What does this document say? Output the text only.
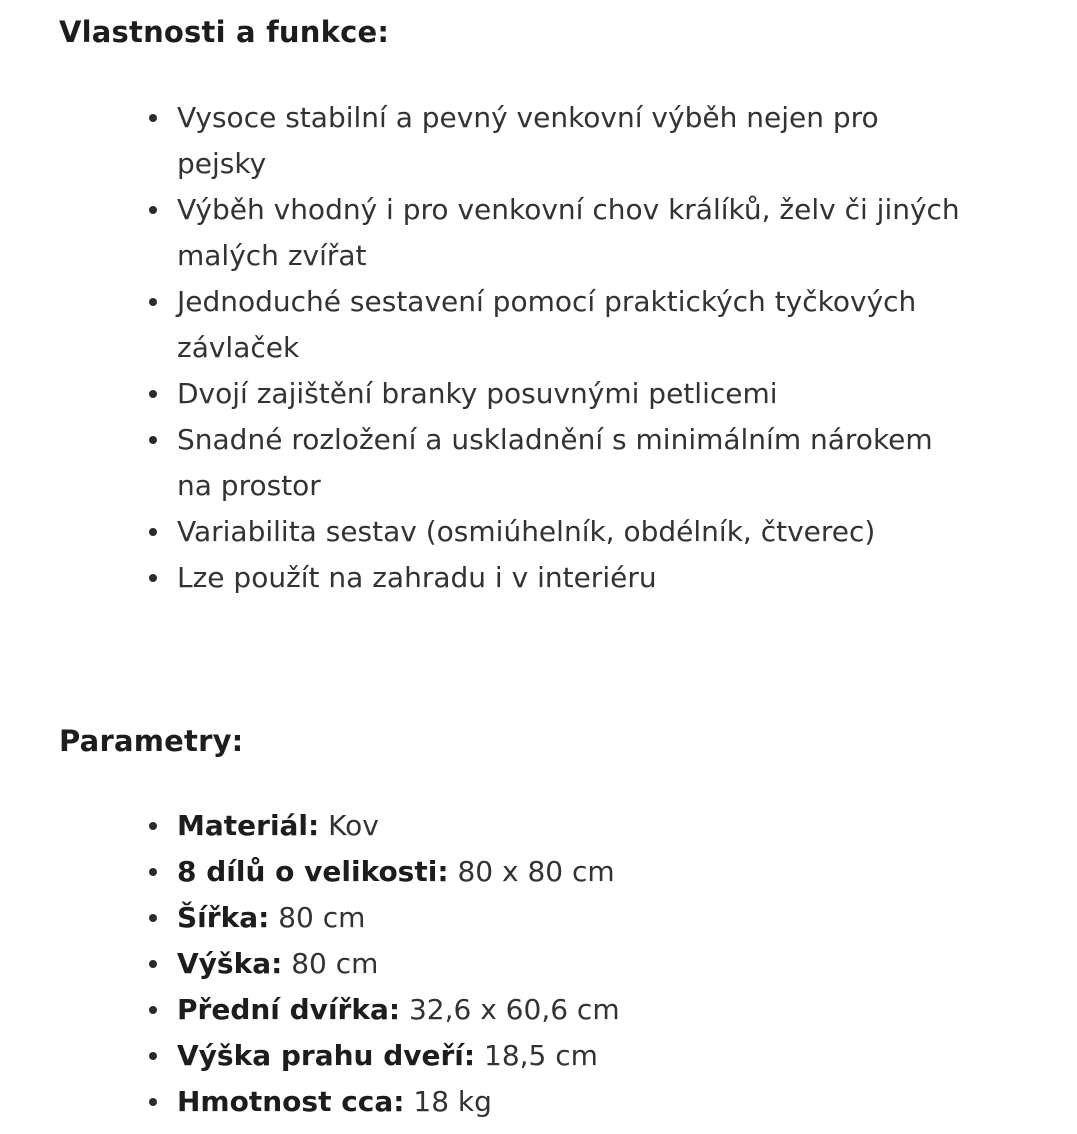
Vlastnosti a funkce:
Vysoce stabilní a pevný venkovní výběh nejen pro pejsky
Výběh vhodný i pro venkovní chov králíků, želv či jiných malých zvířat
Jednoduché sestavení pomocí praktických tyčkových závlaček
Dvojí zajištění branky posuvnými petlicemi
Snadné rozložení a uskladnění s minimálním nárokem na prostor
Variabilita sestav (osmiúhelník, obdélník, čtverec)
Lze použít na zahradu i v interiéru
Parametry:
Materiál: Kov
8 dílů o velikosti: 80 x 80 cm
Šířka: 80 cm
Výška: 80 cm
Přední dvířka: 32,6 x 60,6 cm
Výška prahu dveří: 18,5 cm
Hmotnost cca: 18 kg
